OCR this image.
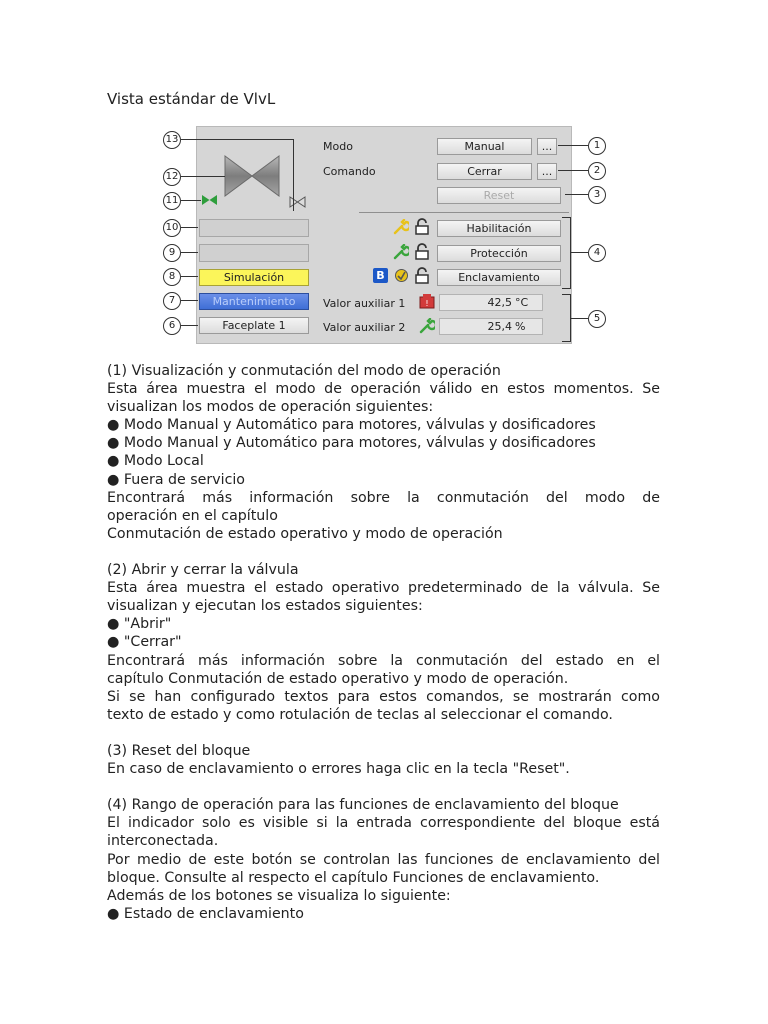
Vista estándar de VlvL
Simulación
Mantenimiento
Faceplate 1
Modo
Comando
Manual	...
Cerrar	...
Reset
B
Habilitación
Protección
Enclavamiento
Valor auxiliar 1	!	42,5 °C
Valor auxiliar 2	25,4 %
13
12
11
10
9
8
7
6
1
2
3
4
5

(1) Visualización y conmutación del modo de operación

Esta área muestra el modo de operación válido en estos momentos. Se

visualizan los modos de operación siguientes:

● Modo Manual y Automático para motores, válvulas y dosificadores

● Modo Manual y Automático para motores, válvulas y dosificadores

● Modo Local

● Fuera de servicio

Encontrará más información sobre la conmutación del modo de

operación en el capítulo

Conmutación de estado operativo y modo de operación

(2) Abrir y cerrar la válvula

Esta área muestra el estado operativo predeterminado de la válvula. Se

visualizan y ejecutan los estados siguientes:

● "Abrir"

● "Cerrar"

Encontrará más información sobre la conmutación del estado en el

capítulo Conmutación de estado operativo y modo de operación.

Si se han configurado textos para estos comandos, se mostrarán como

texto de estado y como rotulación de teclas al seleccionar el comando.

(3) Reset del bloque

En caso de enclavamiento o errores haga clic en la tecla "Reset".

(4) Rango de operación para las funciones de enclavamiento del bloque

El indicador solo es visible si la entrada correspondiente del bloque está

interconectada.

Por medio de este botón se controlan las funciones de enclavamiento del

bloque. Consulte al respecto el capítulo Funciones de enclavamiento.

Además de los botones se visualiza lo siguiente:

● Estado de enclavamiento
